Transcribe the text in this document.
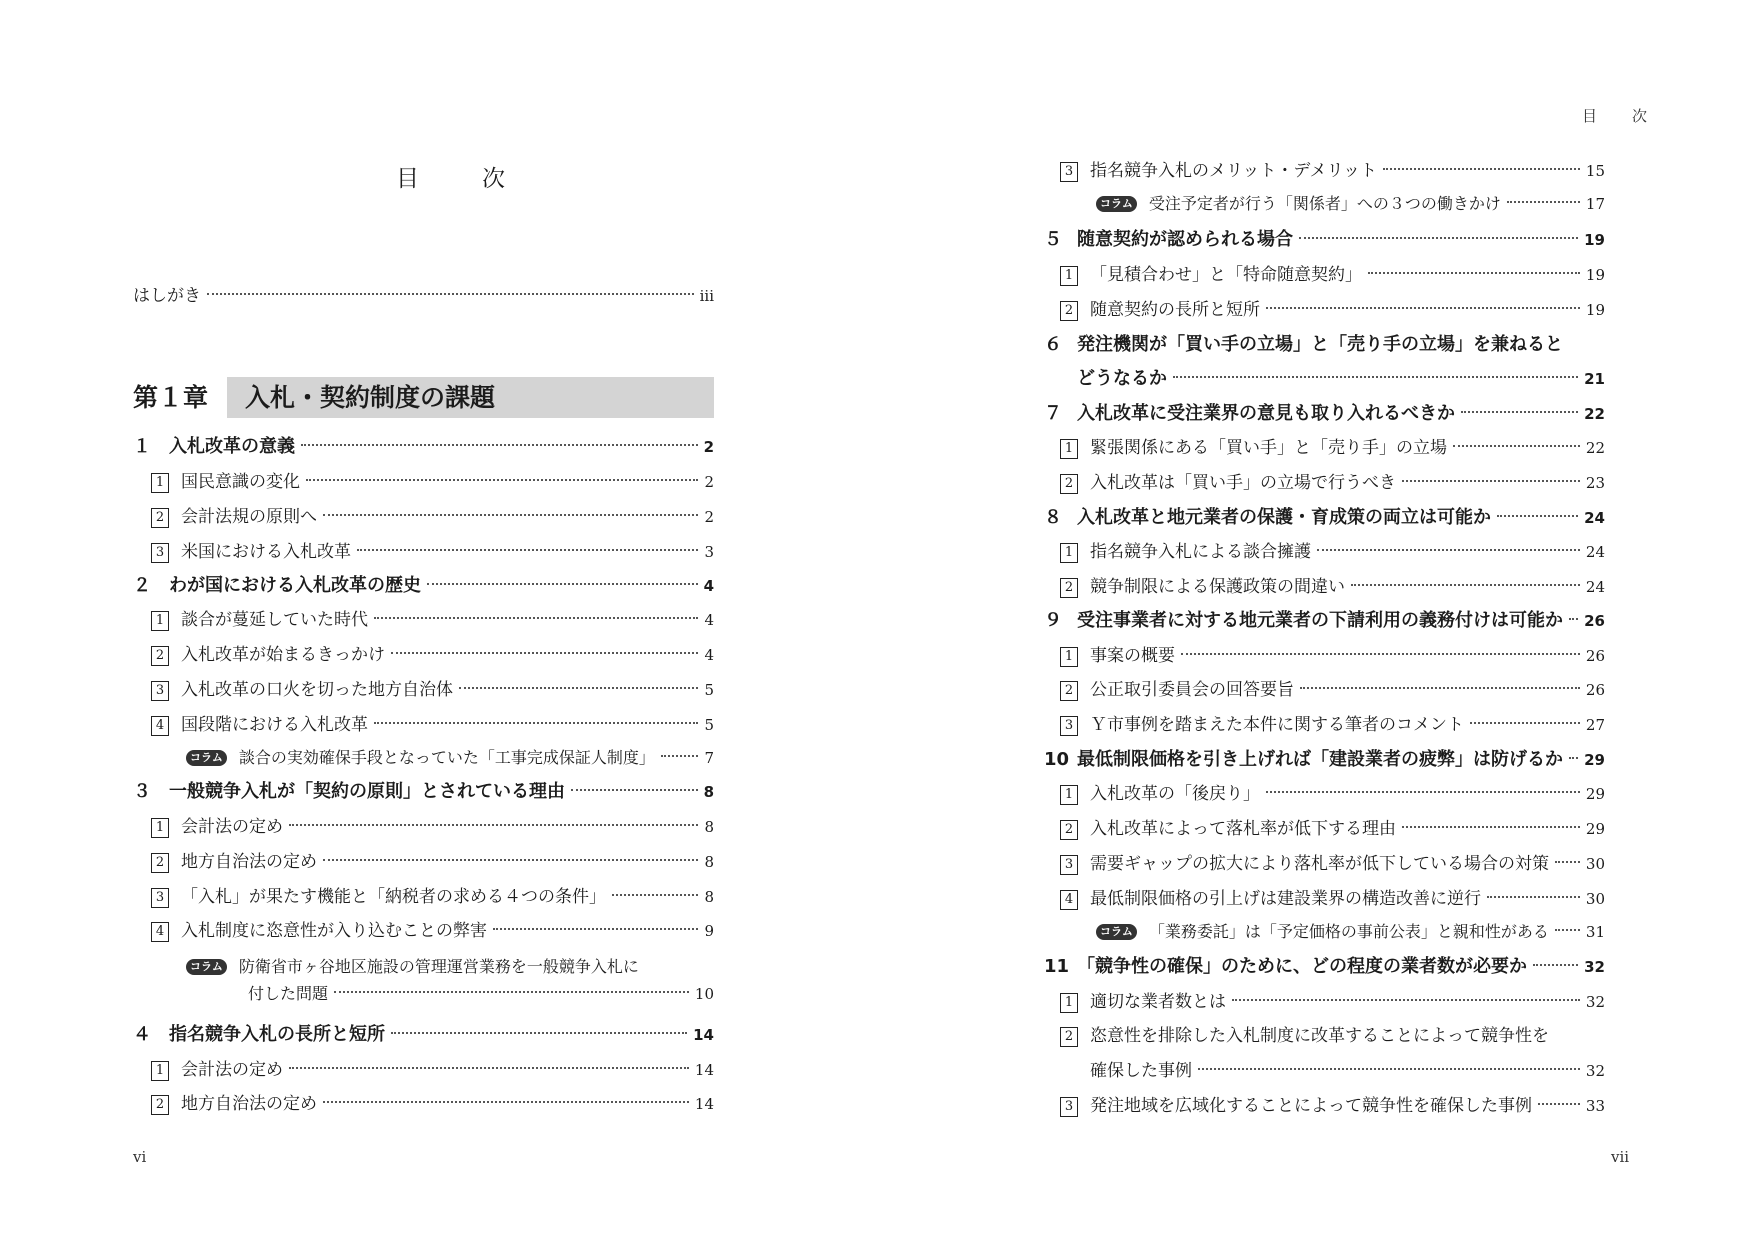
目　次
はしがき	iii
第１章	入札・契約制度の課題
１ 入札改革の意義	2
1 国民意識の変化	2
2 会計法規の原則へ	2
3 米国における入札改革	3
２ わが国における入札改革の歴史	4
1 談合が蔓延していた時代	4
2 入札改革が始まるきっかけ	4
3 入札改革の口火を切った地方自治体	5
4 国段階における入札改革	5
コラム 談合の実効確保手段となっていた「工事完成保証人制度」	7
３ 一般競争入札が「契約の原則」とされている理由	8
1 会計法の定め	8
2 地方自治法の定め	8
3 「入札」が果たす機能と「納税者の求める４つの条件」	8
4 入札制度に恣意性が入り込むことの弊害	9
コラム 防衛省市ヶ谷地区施設の管理運営業務を一般競争入札に
付した問題	10
４ 指名競争入札の長所と短所	14
1 会計法の定め	14
2 地方自治法の定め	14
vi
目　次
3 指名競争入札のメリット・デメリット	15
コラム 受注予定者が行う「関係者」への３つの働きかけ	17
５ 随意契約が認められる場合	19
1 「見積合わせ」と「特命随意契約」	19
2 随意契約の長所と短所	19
６ 発注機関が「買い手の立場」と「売り手の立場」を兼ねると
どうなるか	21
７ 入札改革に受注業界の意見も取り入れるべきか	22
1 緊張関係にある「買い手」と「売り手」の立場	22
2 入札改革は「買い手」の立場で行うべき	23
８ 入札改革と地元業者の保護・育成策の両立は可能か	24
1 指名競争入札による談合擁護	24
2 競争制限による保護政策の間違い	24
９ 受注事業者に対する地元業者の下請利用の義務付けは可能か 26
1 事案の概要	26
2 公正取引委員会の回答要旨	26
3 Ｙ市事例を踏まえた本件に関する筆者のコメント	27
10 最低制限価格を引き上げれば「建設業者の疲弊」は防げるか 29
1 入札改革の「後戻り」	29
2 入札改革によって落札率が低下する理由	29
3 需要ギャップの拡大により落札率が低下している場合の対策 30
4 最低制限価格の引上げは建設業界の構造改善に逆行	30
コラム 「業務委託」は「予定価格の事前公表」と親和性がある 31
11 「競争性の確保」のために、どの程度の業者数が必要か	32
1 適切な業者数とは	32
2 恣意性を排除した入札制度に改革することによって競争性を
確保した事例	32
3 発注地域を広域化することによって競争性を確保した事例	33
vii
